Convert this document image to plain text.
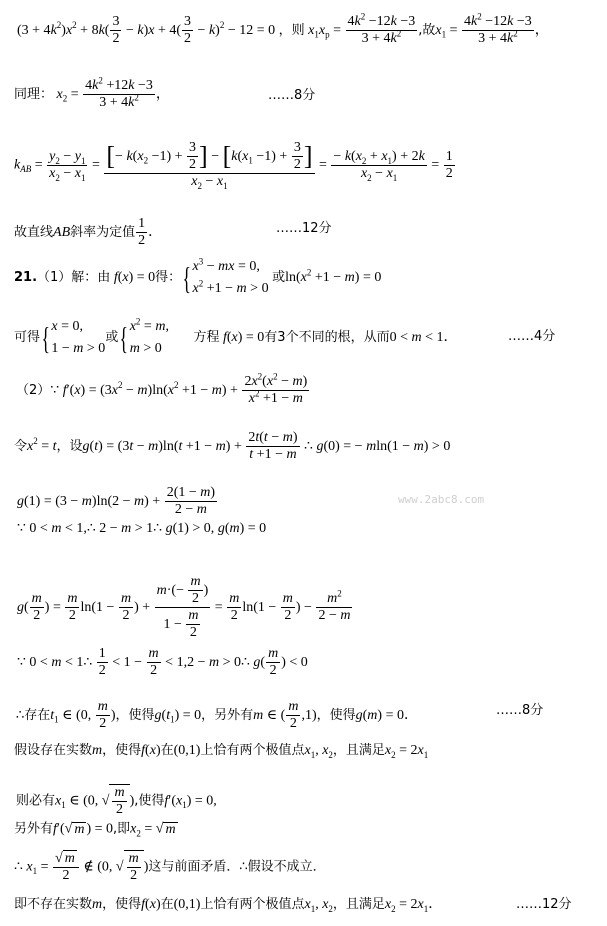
$(3 + 4k^2)x^2 + 8k( \frac{3}{2} - k)x + 4( \frac{3}{2} - k)^2 - 12 = 0$ ，则 $x_1x_p = \frac{4k^2 -12k -3}{3 + 4k^2}$ ,故$x_1 = \frac{4k^2 -12k -3}{3 + 4k^2}$ ，
同理： $x_2 = \frac{4k^2 +12k -3}{3 + 4k^2}$ ，	……8分
$k_{AB} = \frac{y_2 - y_1}{x_2 - x_1} = \frac{[- k(x_2 -1) + \frac{3}{2} ] - [k(x_1 -1) + \frac{3}{2} ]}{x_2 - x_1} = \frac{- k(x_2 + x_1) + 2k}{x_2 - x_1} = \frac{1}{2}$
故直线AB斜率为定值 $\frac{1}{2}$ ．	……12分
21.（1）解：由 f(x) = 0得：{$x^3$ − mx = 0,
$x^2 +1 - m > 0$ 或$\ln(x^2 +1 - m) = 0$
可得{x = 0,
1 − m > 0或{$x^2 = m$,
m > 0       方程 f(x) = 0有3个不同的根，从而0 < m < 1．	……4分
（2）∵ $f'(x) = (3x^2 - m)\ln(x^2 +1 - m) + \frac{2x^2(x^2 - m)}{x^2 +1 - m}$
令$x^2 = t$，设$g(t) = (3t - m)\ln(t +1 - m) + \frac{2t(t - m)}{t +1 - m}$ ∴ g(0) = − mln(1 − m) > 0
$g(1) = (3 - m)\ln(2 - m) + \frac{2(1 - m)}{2 - m}$	www.2abc8.com
∵ 0 < m < 1,∴ 2 − m > 1∴ g(1) > 0, g(m) = 0
$g( \frac{m}{2}$ ) = $\frac{m}{2} \ln(1 - \frac{m}{2}$ ) + $\frac{m\cdot(- \frac{m}{2} )}{1 - \frac{m}{2}} = \frac{m}{2} \ln(1 - \frac{m}{2}$ ) − $\frac{m^2}{2 - m}$
∵ 0 < m < 1∴ $\frac{1}{2} < 1 - \frac{m}{2} < 1,2 - m$ > 0∴ $g( \frac{m}{2}$ ) < 0
∴存在$t_1$ ∈ (0, $\frac{m}{2}$ )，使得$g(t_1) = 0$，另外有m ∈ ( $\frac{m}{2} ,1$)，使得g(m) = 0．	……8分
假设存在实数m，使得f(x)在(0,1)上恰有两个极值点$x_1$, $x_2$，且满足$x_2 = 2x_1$
则必有$x_1$ ∈ (0, √ $\frac{m}{2}$ ),使得$f'(x_1) = 0$,
另外有f′(√ m ) = 0,即$x_2$ = √ m
∴ $x_1 = \frac{√ m}{2}$ ∉ (0, √ $\frac{m}{2}$ )这与前面矛盾．∴假设不成立．
即不存在实数m，使得f(x)在(0,1)上恰有两个极值点$x_1$, $x_2$，且满足$x_2 = 2x_1$．	……12分
